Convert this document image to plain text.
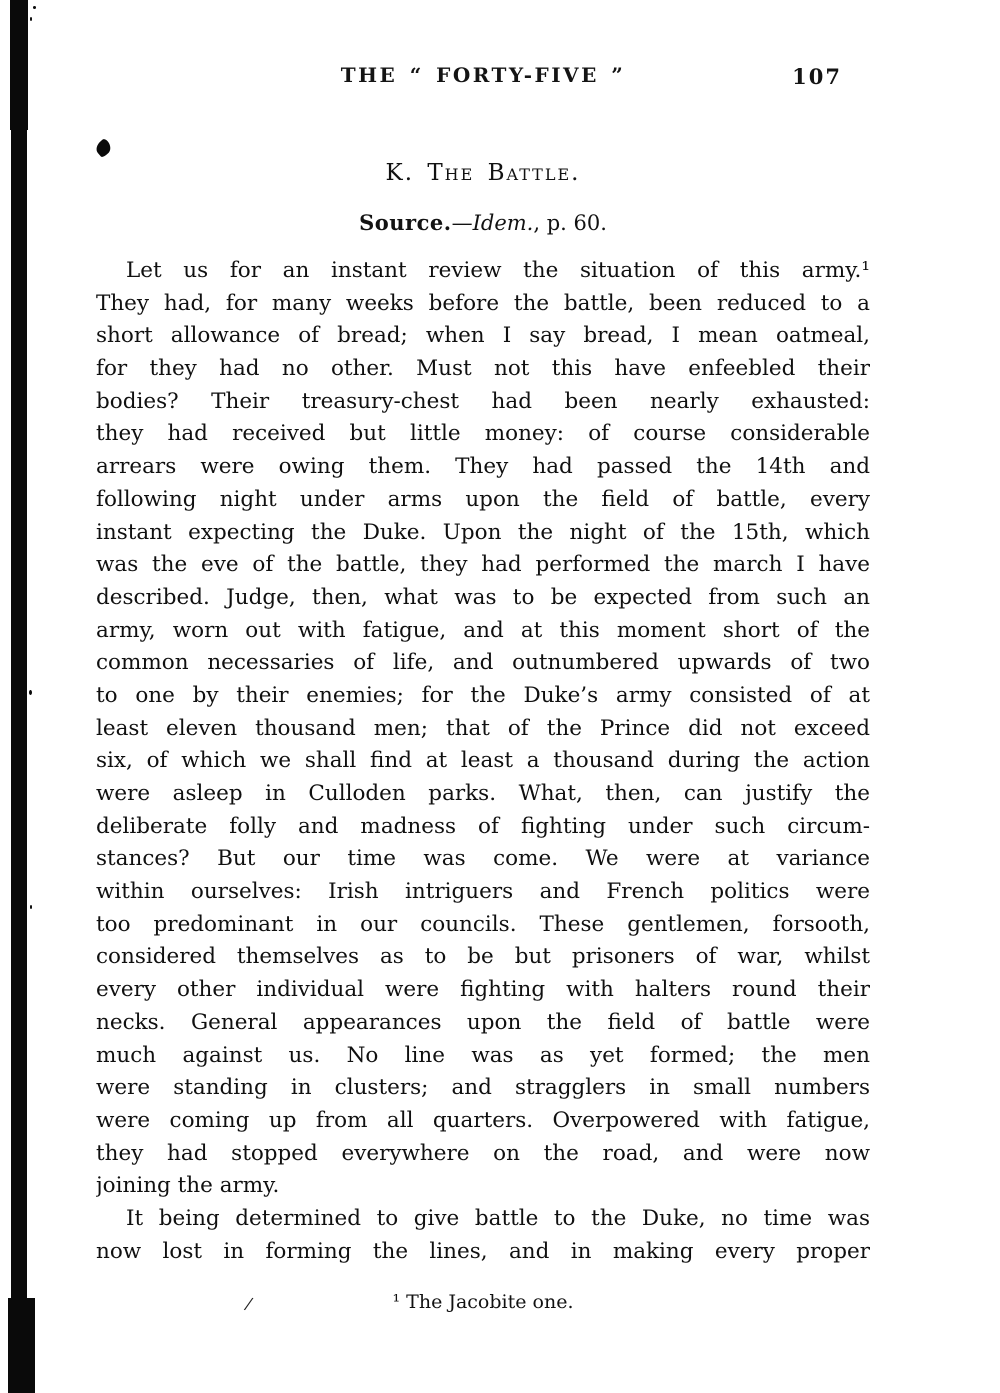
/
THE “ FORTY-FIVE ”	107
K. The Battle.
Source.—Idem., p. 60.
Let us for an instant review the situation of this army.¹
They had, for many weeks before the battle, been reduced to a
short allowance of bread; when I say bread, I mean oatmeal,
for they had no other. Must not this have enfeebled their
bodies? Their treasury-chest had been nearly exhausted:
they had received but little money: of course considerable
arrears were owing them. They had passed the 14th and
following night under arms upon the field of battle, every
instant expecting the Duke. Upon the night of the 15th, which
was the eve of the battle, they had performed the march I have
described. Judge, then, what was to be expected from such an
army, worn out with fatigue, and at this moment short of the
common necessaries of life, and outnumbered upwards of two
to one by their enemies; for the Duke’s army consisted of at
least eleven thousand men; that of the Prince did not exceed
six, of which we shall find at least a thousand during the action
were asleep in Culloden parks. What, then, can justify the
deliberate folly and madness of fighting under such circum-
stances? But our time was come. We were at variance
within ourselves: Irish intriguers and French politics were
too predominant in our councils. These gentlemen, forsooth,
considered themselves as to be but prisoners of war, whilst
every other individual were fighting with halters round their
necks. General appearances upon the field of battle were
much against us. No line was as yet formed; the men
were standing in clusters; and stragglers in small numbers
were coming up from all quarters. Overpowered with fatigue,
they had stopped everywhere on the road, and were now
joining the army.
It being determined to give battle to the Duke, no time was
now lost in forming the lines, and in making every proper
¹ The Jacobite one.
